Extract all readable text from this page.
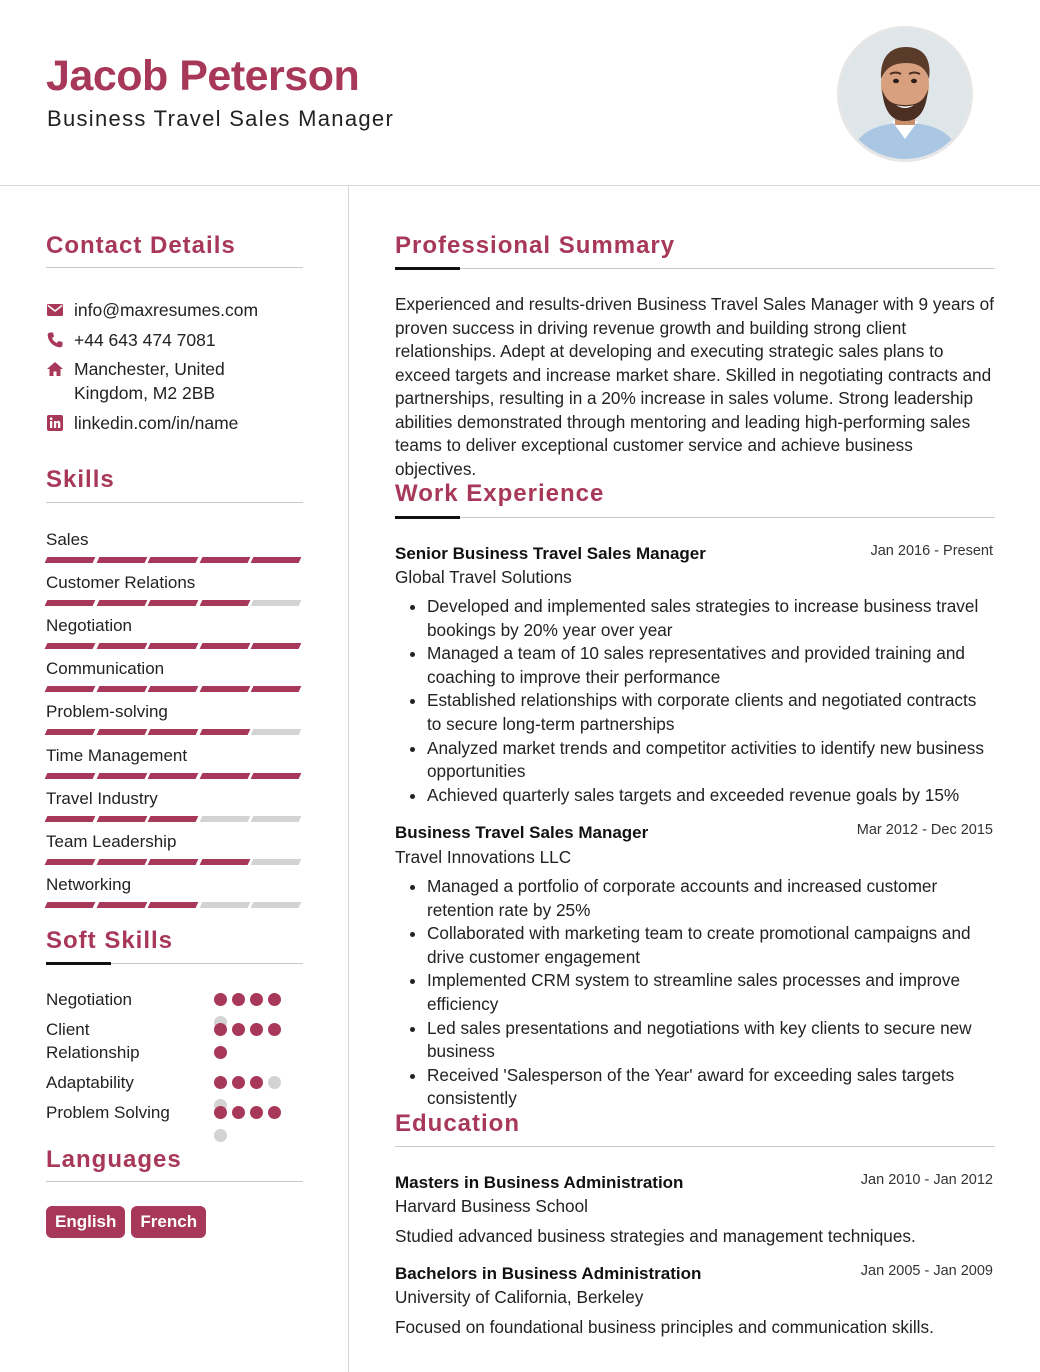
Jacob Peterson
Business Travel Sales Manager
Contact Details
info@maxresumes.com
+44 643 474 7081
Manchester, United
Kingdom, M2 2BB
linkedin.com/in/name
Skills
Sales
Customer Relations
Negotiation
Communication
Problem-solving
Time Management
Travel Industry
Team Leadership
Networking
Soft Skills
Negotiation
Client
Relationship
Adaptability
Problem Solving
Languages
English	French
Professional Summary
Experienced and results-driven Business Travel Sales Manager with 9 years of proven success in driving revenue growth and building strong client relationships. Adept at developing and executing strategic sales plans to exceed targets and increase market share. Skilled in negotiating contracts and partnerships, resulting in a 20% increase in sales volume. Strong leadership abilities demonstrated through mentoring and leading high-performing sales teams to deliver exceptional customer service and achieve business objectives.
Work Experience
Senior Business Travel Sales Manager	Jan 2016 - Present
Global Travel Solutions
Developed and implemented sales strategies to increase business travel bookings by 20% year over year
Managed a team of 10 sales representatives and provided training and coaching to improve their performance
Established relationships with corporate clients and negotiated contracts to secure long-term partnerships
Analyzed market trends and competitor activities to identify new business opportunities
Achieved quarterly sales targets and exceeded revenue goals by 15%
Business Travel Sales Manager	Mar 2012 - Dec 2015
Travel Innovations LLC
Managed a portfolio of corporate accounts and increased customer retention rate by 25%
Collaborated with marketing team to create promotional campaigns and drive customer engagement
Implemented CRM system to streamline sales processes and improve efficiency
Led sales presentations and negotiations with key clients to secure new business
Received 'Salesperson of the Year' award for exceeding sales targets consistently
Education
Masters in Business Administration	Jan 2010 - Jan 2012
Harvard Business School
Studied advanced business strategies and management techniques.
Bachelors in Business Administration	Jan 2005 - Jan 2009
University of California, Berkeley
Focused on foundational business principles and communication skills.
